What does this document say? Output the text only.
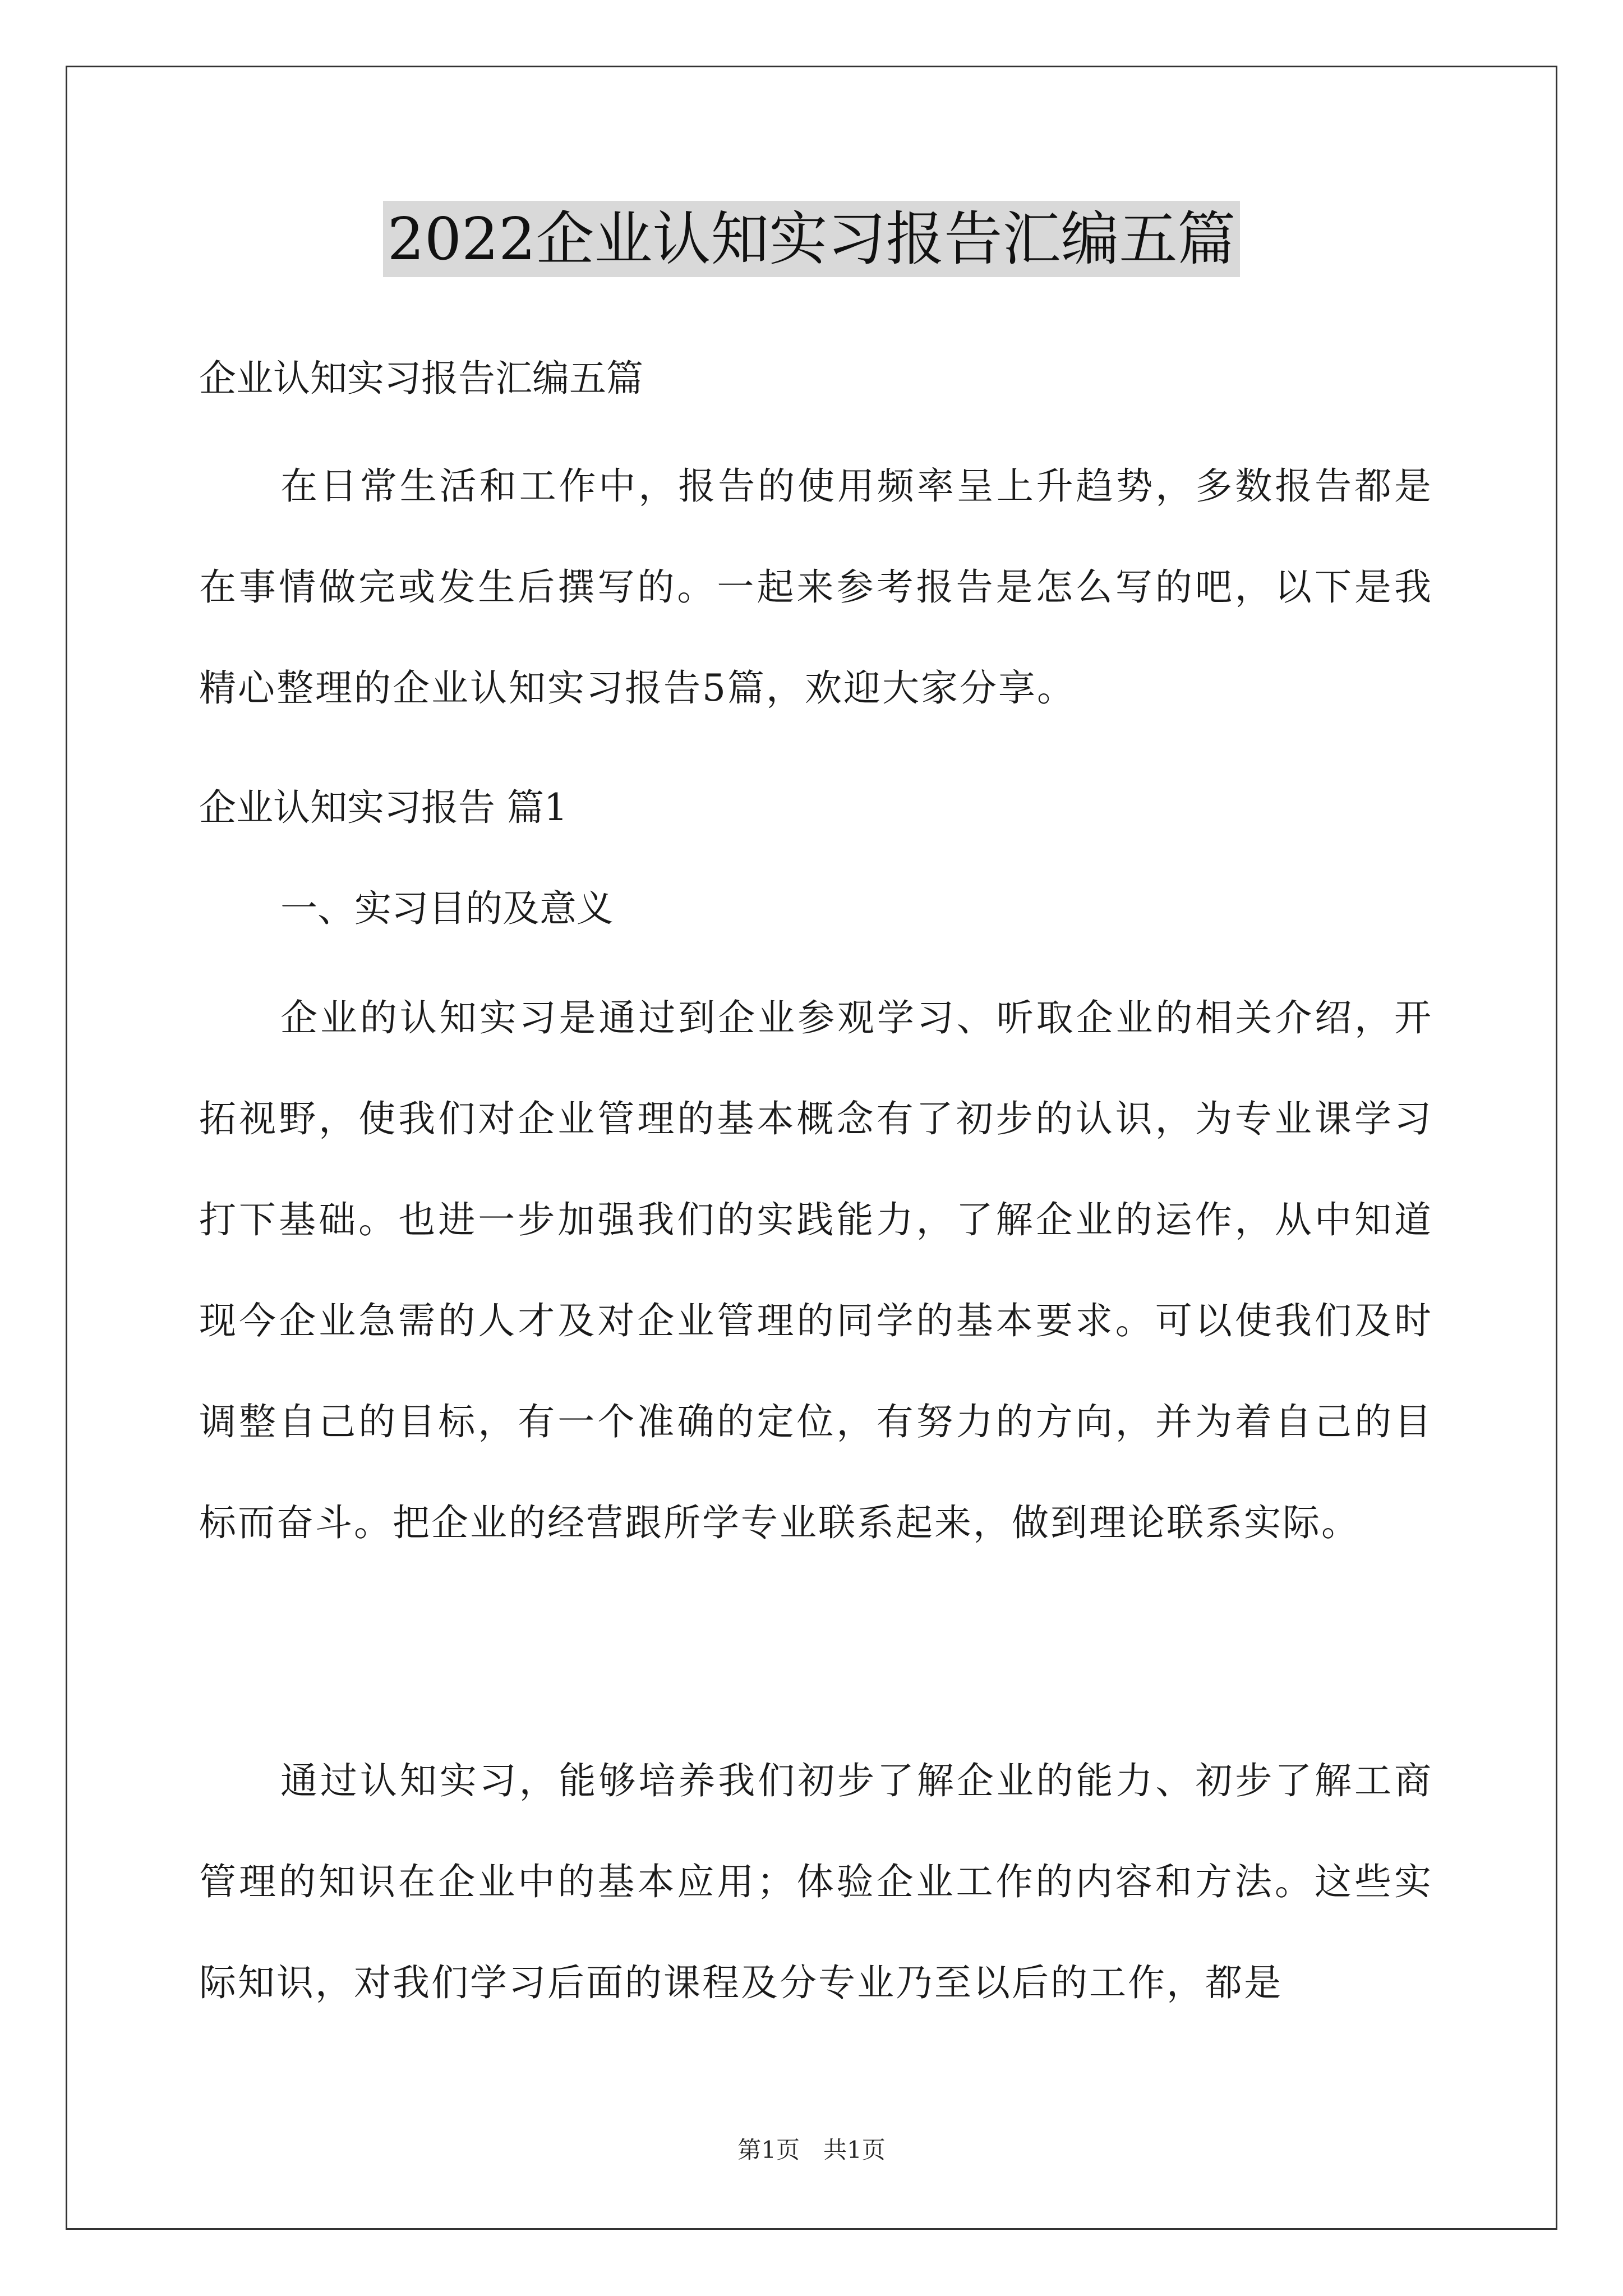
2022企业认知实习报告汇编五篇
企业认知实习报告汇编五篇
在日常生活和工作中，报告的使用频率呈上升趋势，多数报告都是在事情做完或发生后撰写的。一起来参考报告是怎么写的吧，以下是我精心整理的企业认知实习报告5篇，欢迎大家分享。
企业认知实习报告 篇1
一、实习目的及意义
企业的认知实习是通过到企业参观学习、听取企业的相关介绍，开拓视野，使我们对企业管理的基本概念有了初步的认识，为专业课学习打下基础。也进一步加强我们的实践能力，了解企业的运作，从中知道现今企业急需的人才及对企业管理的同学的基本要求。可以使我们及时调整自己的目标，有一个准确的定位，有努力的方向，并为着自己的目标而奋斗。把企业的经营跟所学专业联系起来，做到理论联系实际。
通过认知实习，能够培养我们初步了解企业的能力、初步了解工商管理的知识在企业中的基本应用；体验企业工作的内容和方法。这些实际知识，对我们学习后面的课程及分专业乃至以后的工作，都是
第1页 共1页
